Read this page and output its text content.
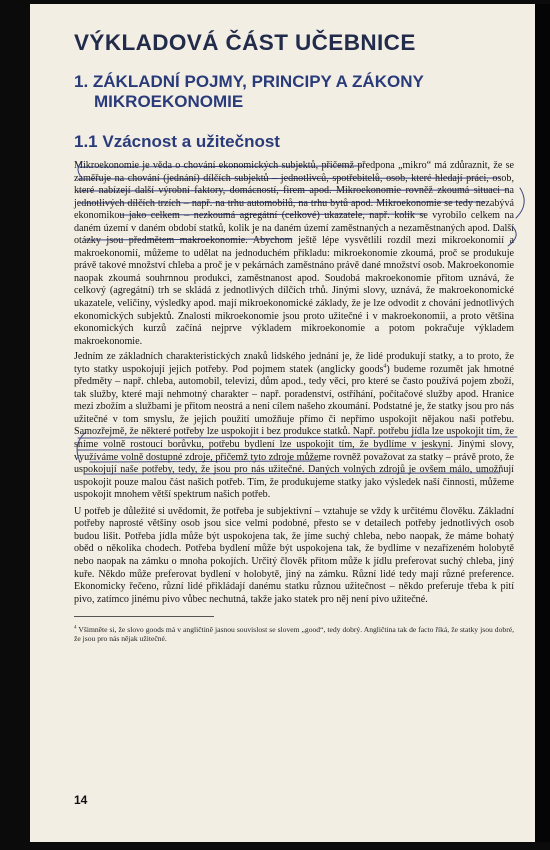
VÝKLADOVÁ ČÁST UČEBNICE
1. ZÁKLADNÍ POJMY, PRINCIPY A ZÁKONY
MIKROEKONOMIE
1.1 Vzácnost a užitečnost

Mikroekonomie je věda o chování ekonomických subjektů, přičemž předpona „mikro“ má zdůraznit, že se zaměřuje na chování (jednání) dílčích subjektů – jednotlivců, spotřebitelů, osob, které hledají práci, osob, které nabízejí další výrobní faktory, domácností, firem apod. Mikroekonomie rovněž zkoumá situaci na jednotlivých dílčích trzích – např. na trhu automobilů, na trhu bytů apod. Mikroekonomie se tedy nezabývá ekonomikou jako celkem – nezkoumá agregátní (celkové) ukazatele, např. kolik se vyrobilo celkem na daném území v daném období statků, kolik je na daném území zaměstnaných a nezaměstnaných apod. Další otázky jsou předmětem makroekonomie. Abychom ještě lépe vysvětlili rozdíl mezi mikroekonomií a makroekonomií, můžeme to udělat na jednoduchém příkladu: mikroekonomie zkoumá, proč se produkuje právě takové množství chleba a proč je v pekárnách zaměstnáno právě dané množství osob. Makroekonomie naopak zkoumá souhrnnou produkci, zaměstnanost apod. Soudobá makroekonomie přitom uznává, že celkový (agregátní) trh se skládá z jednotlivých dílčích trhů. Jinými slovy, uznává, že makroekonomické ukazatele, veličiny, výsledky apod. mají mikroekonomické základy, že je lze odvodit z chování jednotlivých ekonomických subjektů. Znalosti mikroekonomie jsou proto užitečné i v makroekonomii, a proto většina ekonomických kurzů začíná nejprve výkladem mikroekonomie a potom pokračuje výkladem makroekonomie.

Jedním ze základních charakteristických znaků lidského jednání je, že lidé produkují statky, a to proto, že tyto statky uspokojují jejich potřeby. Pod pojmem statek (anglicky goods$^4$) budeme rozumět jak hmotné předměty – např. chleba, automobil, televizi, dům apod., tedy věci, pro které se často používá pojem zboží, tak služby, které mají nehmotný charakter – např. poradenství, ostříhání, počítačové služby apod. Hranice mezi zbožím a službami je přitom neostrá a není cílem našeho zkoumání. Podstatné je, že statky jsou pro nás užitečné v tom smyslu, že jejich použití umožňuje přímo či nepřímo uspokojit nějakou naši potřebu. Samozřejmě, že některé potřeby lze uspokojit i bez produkce statků. Např. potřebu jídla lze uspokojit tím, že sníme volně rostoucí borůvku, potřebu bydlení lze uspokojit tím, že bydlíme v jeskyni. Jinými slovy, využíváme volně dostupné zdroje, přičemž tyto zdroje můžeme rovněž považovat za statky – právě proto, že uspokojují naše potřeby, tedy, že jsou pro nás užitečné. Daných volných zdrojů je ovšem málo, umožňují uspokojit pouze malou část našich potřeb. Tím, že produkujeme statky jako výsledek naší činnosti, můžeme uspokojit mnohem větší spektrum našich potřeb.

U potřeb je důležité si uvědomit, že potřeba je subjektivní – vztahuje se vždy k určitému člověku. Základní potřeby naprosté většiny osob jsou sice velmi podobné, přesto se v detailech potřeby jednotlivých osob budou lišit. Potřeba jídla může být uspokojena tak, že jíme suchý chleba, nebo naopak, že máme bohatý oběd o několika chodech. Potřeba bydlení může být uspokojena tak, že bydlíme v nezařízeném holobytě nebo naopak na zámku o mnoha pokojích. Určitý člověk přitom může k jídlu preferovat suchý chleba, jiný kuře. Někdo může preferovat bydlení v holobytě, jiný na zámku. Různí lidé tedy mají různé preference. Ekonomicky řečeno, různí lidé přikládají danému statku různou užitečnost – někdo preferuje třeba k pití pivo, zatímco jinému pivo vůbec nechutná, takže jako statek pro něj není pivo užitečné.

$^4$ Všimněte si, že slovo goods má v angličtině jasnou souvislost se slovem „good“, tedy dobrý. Angličtina tak de facto říká, že statky jsou dobré, že jsou pro nás nějak užitečné.

14
